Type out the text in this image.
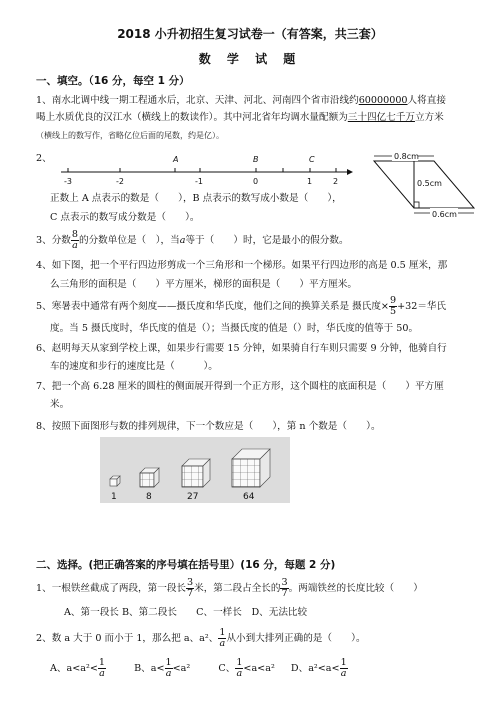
2018 小升初招生复习试卷一（有答案，共三套）
数 学 试 题
一、填空。（16 分，每空 1 分）
1、南水北调中线一期工程通水后，北京、天津、河北、河南四个省市沿线约60000000人将直接
喝上水质优良的汉江水（横线上的数读作）。其中河北省年均调水量配额为三十四亿七千万立方米
（横线上的数写作，省略亿位后面的尾数，约是亿）。
2、
-3	-2
A	B	C
-1	0	1	2
正数上 A 点表示的数是（　　），B 点表示的数写成小数是（　　），
C 点表示的数写成分数是（　　）。
0.8cm
0.5cm
0.6cm
3、分数 $\frac{8}{a}$ 的分数单位是（　），当a等于（　　）时，它是最小的假分数。
4、如下图，把一个平行四边形剪成一个三角形和一个梯形。如果平行四边形的高是 0.5 厘米，那
么三角形的面积是（　　）平方厘米，梯形的面积是（　　）平方厘米。
5、寒暑表中通常有两个刻度——摄氏度和华氏度，他们之间的换算关系是 摄氏度× $\frac{9}{5} +32=$华氏
度。当 5 摄氏度时，华氏度的值是（）；当摄氏度的值是（）时，华氏度的值等于 50。
6、赵明每天从家到学校上课，如果步行需要 15 分钟，如果骑自行车则只需要 9 分钟，他骑自行
车的速度和步行的速度比是（　　　）。
7、把一个高 6.28 厘米的圆柱的侧面展开得到一个正方形，这个圆柱的底面积是（　　）平方厘
米。
8、按照下面图形与数的排列规律，下一个数应是（　　），第 n 个数是（　　）。
1	8	27	64
二、选择。(把正确答案的序号填在括号里）(16 分，每题 2 分)
1、一根铁丝截成了两段，第一段长 $\frac{3}{7}$ 米，第二段占全长的 $\frac{3}{7}$ 。两端铁丝的长度比较（　　）
A、第一段长 B、第二段长　　C、一样长　D、无法比较
2、数 a 大于 0 而小于 1，那么把 a、a²、 $\frac{1}{a}$ 从小到大排列正确的是（　　）。
A、$a<a^2< \frac{1}{a}$	B、$a< \frac{1}{a} <a^2$	C、 $\frac{1}{a} <a<a^2$ D、$a^2<a< \frac{1}{a}$
